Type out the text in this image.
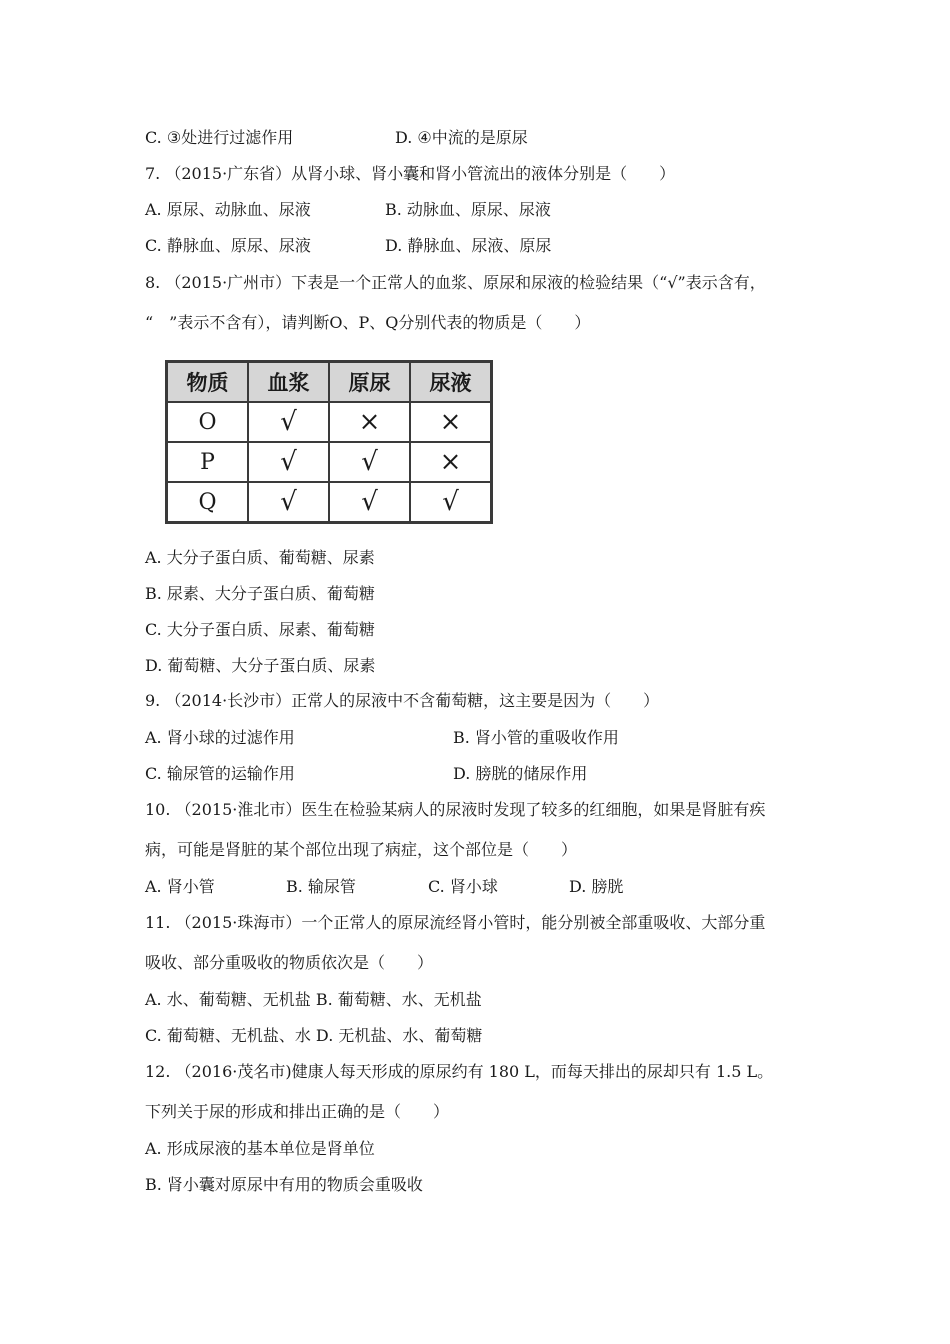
C. ③处进行过滤作用	D. ④中流的是原尿
7. （2015·广东省）从肾小球、肾小囊和肾小管流出的液体分别是（　　）
A. 原尿、动脉血、尿液	B. 动脉血、原尿、尿液
C. 静脉血、原尿、尿液	D. 静脉血、尿液、原尿
8. （2015·广州市）下表是一个正常人的血浆、原尿和尿液的检验结果（“√”表示含有，
“　”表示不含有），请判断O、P、Q分别代表的物质是（　　）
物质	血浆	原尿	尿液
O	√	×	×
P	√	√	×
Q	√	√	√
A. 大分子蛋白质、葡萄糖、尿素
B. 尿素、大分子蛋白质、葡萄糖
C. 大分子蛋白质、尿素、葡萄糖
D. 葡萄糖、大分子蛋白质、尿素
9. （2014·长沙市）正常人的尿液中不含葡萄糖，这主要是因为（　　）
A. 肾小球的过滤作用	B. 肾小管的重吸收作用
C. 输尿管的运输作用	D. 膀胱的储尿作用
10. （2015·淮北市）医生在检验某病人的尿液时发现了较多的红细胞，如果是肾脏有疾
病，可能是肾脏的某个部位出现了病症，这个部位是（　　）
A. 肾小管	B. 输尿管	C. 肾小球	D. 膀胱
11. （2015·珠海市）一个正常人的原尿流经肾小管时，能分别被全部重吸收、大部分重
吸收、部分重吸收的物质依次是（　　）
A. 水、葡萄糖、无机盐 B. 葡萄糖、水、无机盐
C. 葡萄糖、无机盐、水 D. 无机盐、水、葡萄糖
12. （2016·茂名市)健康人每天形成的原尿约有 180 L，而每天排出的尿却只有 1.5 L。
下列关于尿的形成和排出正确的是（　　）
A. 形成尿液的基本单位是肾单位
B. 肾小囊对原尿中有用的物质会重吸收
